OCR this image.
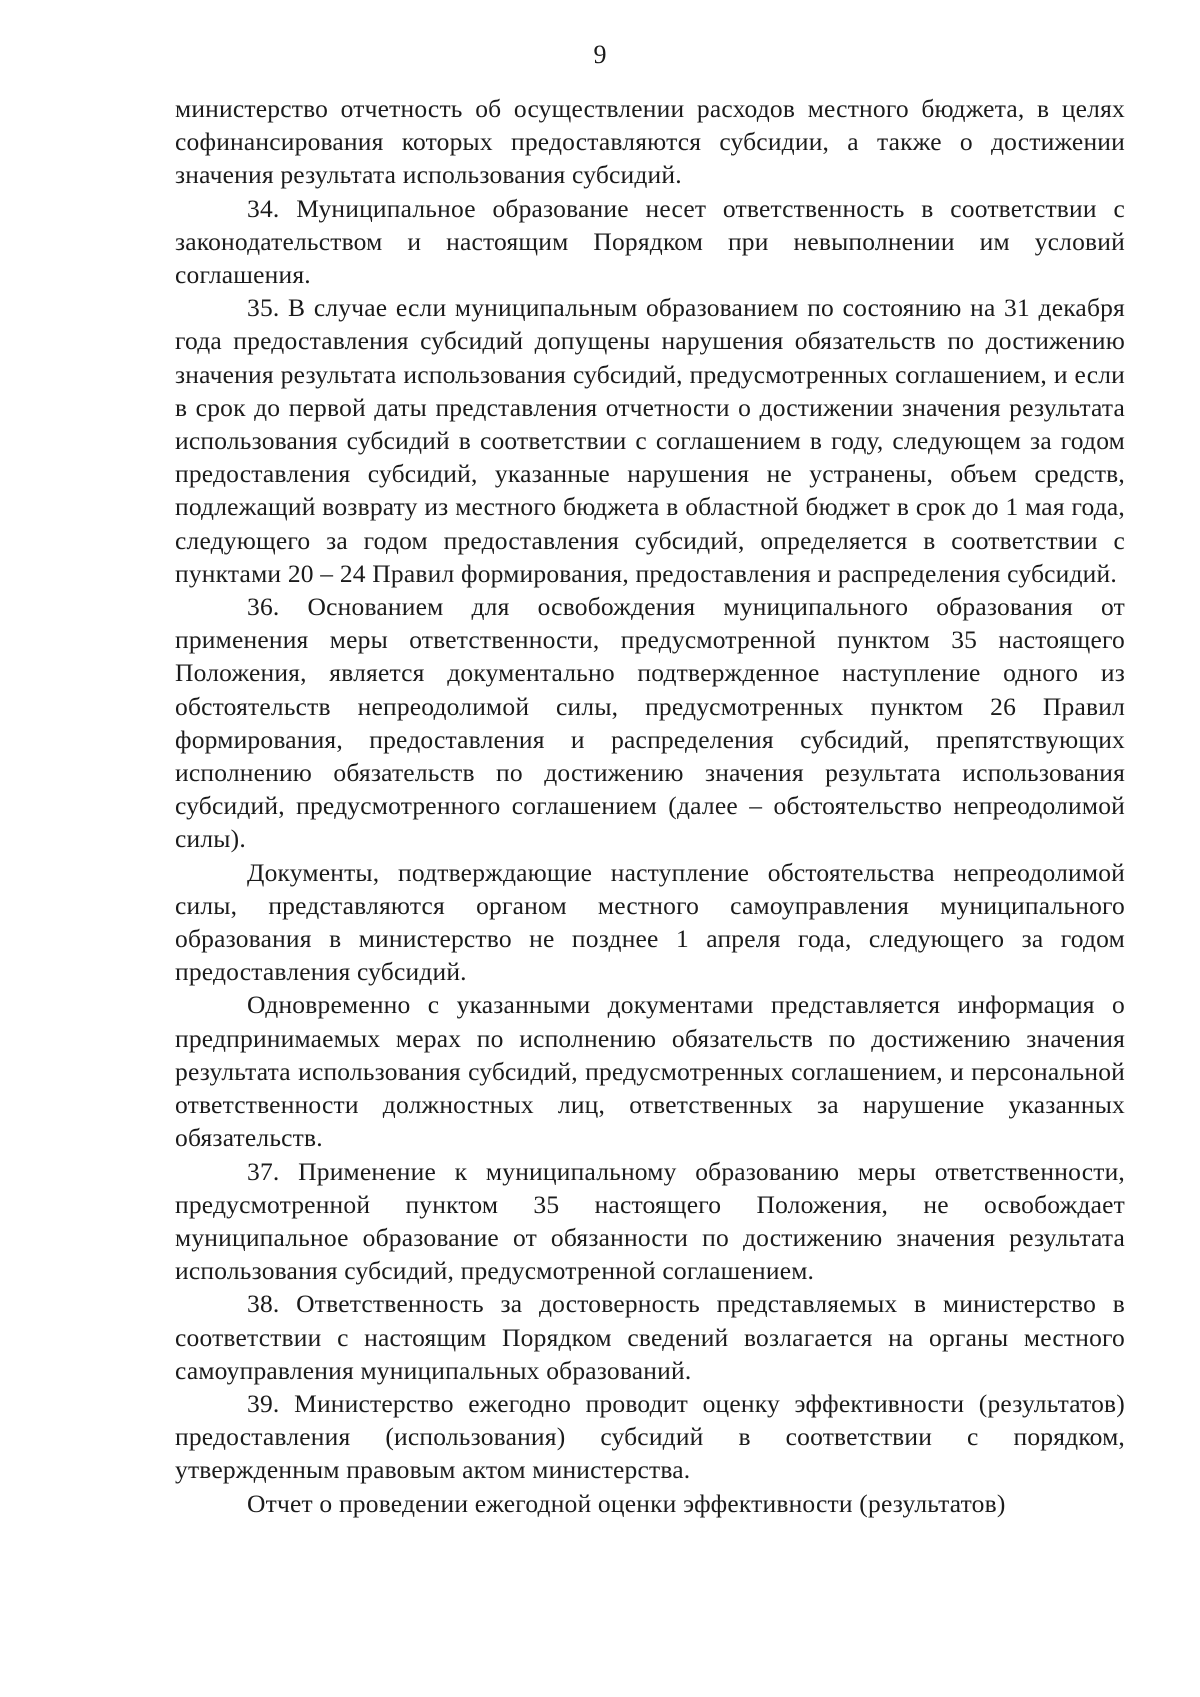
9

министерство отчетность об осуществлении расходов местного бюджета, в целях софинансирования которых предоставляются субсидии, а также о достижении значения результата использования субсидий.

34. Муниципальное образование несет ответственность в соответствии с законодательством и настоящим Порядком при невыполнении им условий соглашения.

35. В случае если муниципальным образованием по состоянию на 31 декабря года предоставления субсидий допущены нарушения обязательств по достижению значения результата использования субсидий, предусмотренных соглашением, и если в срок до первой даты представления отчетности о достижении значения результата использования субсидий в соответствии с соглашением в году, следующем за годом предоставления субсидий, указанные нарушения не устранены, объем средств, подлежащий возврату из местного бюджета в областной бюджет в срок до 1 мая года, следующего за годом предоставления субсидий, определяется в соответствии с пунктами 20 – 24 Правил формирования, предоставления и распределения субсидий.

36. Основанием для освобождения муниципального образования от применения меры ответственности, предусмотренной пунктом 35 настоящего Положения, является документально подтвержденное наступление одного из обстоятельств непреодолимой силы, предусмотренных пунктом 26 Правил формирования, предоставления и распределения субсидий, препятствующих исполнению обязательств по достижению значения результата использования субсидий, предусмотренного соглашением (далее – обстоятельство непреодолимой силы).

Документы, подтверждающие наступление обстоятельства непреодолимой силы, представляются органом местного самоуправления муниципального образования в министерство не позднее 1 апреля года, следующего за годом предоставления субсидий.

Одновременно с указанными документами представляется информация о предпринимаемых мерах по исполнению обязательств по достижению значения результата использования субсидий, предусмотренных соглашением, и персональной ответственности должностных лиц, ответственных за нарушение указанных обязательств.

37. Применение к муниципальному образованию меры ответственности, предусмотренной пунктом 35 настоящего Положения, не освобождает муниципальное образование от обязанности по достижению значения результата использования субсидий, предусмотренной соглашением.

38. Ответственность за достоверность представляемых в министерство в соответствии с настоящим Порядком сведений возлагается на органы местного самоуправления муниципальных образований.

39. Министерство ежегодно проводит оценку эффективности (результатов) предоставления (использования) субсидий в соответствии с порядком, утвержденным правовым актом министерства.

Отчет о проведении ежегодной оценки эффективности (результатов)
